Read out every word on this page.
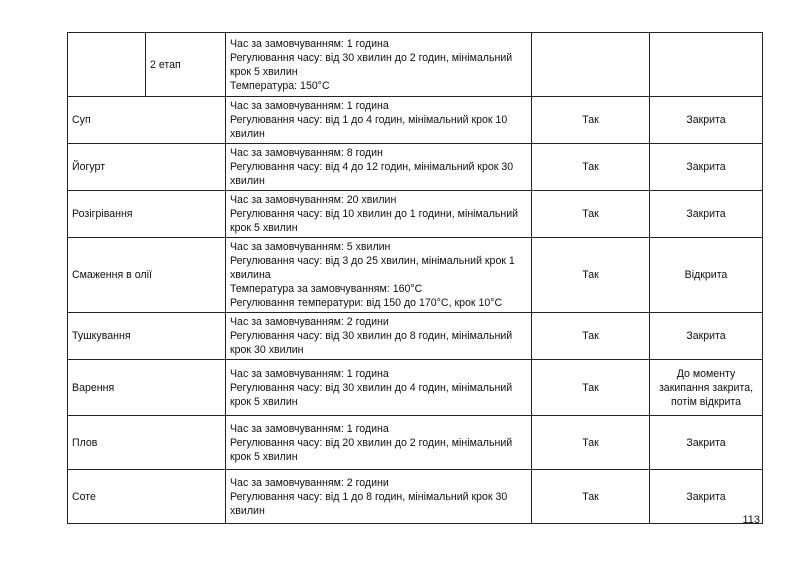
	2 етап	Час за замовчуванням: 1 година
Регулювання часу: від 30 хвилин до 2 годин, мінімальний
крок 5 хвилин
Температура: 150°C		

Суп		Час за замовчуванням: 1 година
Регулювання часу: від 1 до 4 годин, мінімальний крок 10
хвилин	Так	Закрита

Йогурт		Час за замовчуванням: 8 годин
Регулювання часу: від 4 до 12 годин, мінімальний крок 30
хвилин	Так	Закрита

Розігрівання		Час за замовчуванням: 20 хвилин
Регулювання часу: від 10 хвилин до 1 години, мінімальний
крок 5 хвилин	Так	Закрита

Смаження в олії		Час за замовчуванням: 5 хвилин
Регулювання часу: від 3 до 25 хвилин, мінімальний крок 1
хвилина
Температура за замовчуванням: 160°C
Регулювання температури: від 150 до 170°C, крок 10°C	Так	Відкрита

Тушкування		Час за замовчуванням: 2 години
Регулювання часу: від 30 хвилин до 8 годин, мінімальний
крок 30 хвилин	Так	Закрита

Варення		Час за замовчуванням: 1 година
Регулювання часу: від 30 хвилин до 4 годин, мінімальний
крок 5 хвилин	Так	До моменту
закипання закрита,
потім відкрита

Плов		Час за замовчуванням: 1 година
Регулювання часу: від 20 хвилин до 2 годин, мінімальний
крок 5 хвилин	Так	Закрита

Соте		Час за замовчуванням: 2 години
Регулювання часу: від 1 до 8 годин, мінімальний крок 30
хвилин	Так	Закрита
113
